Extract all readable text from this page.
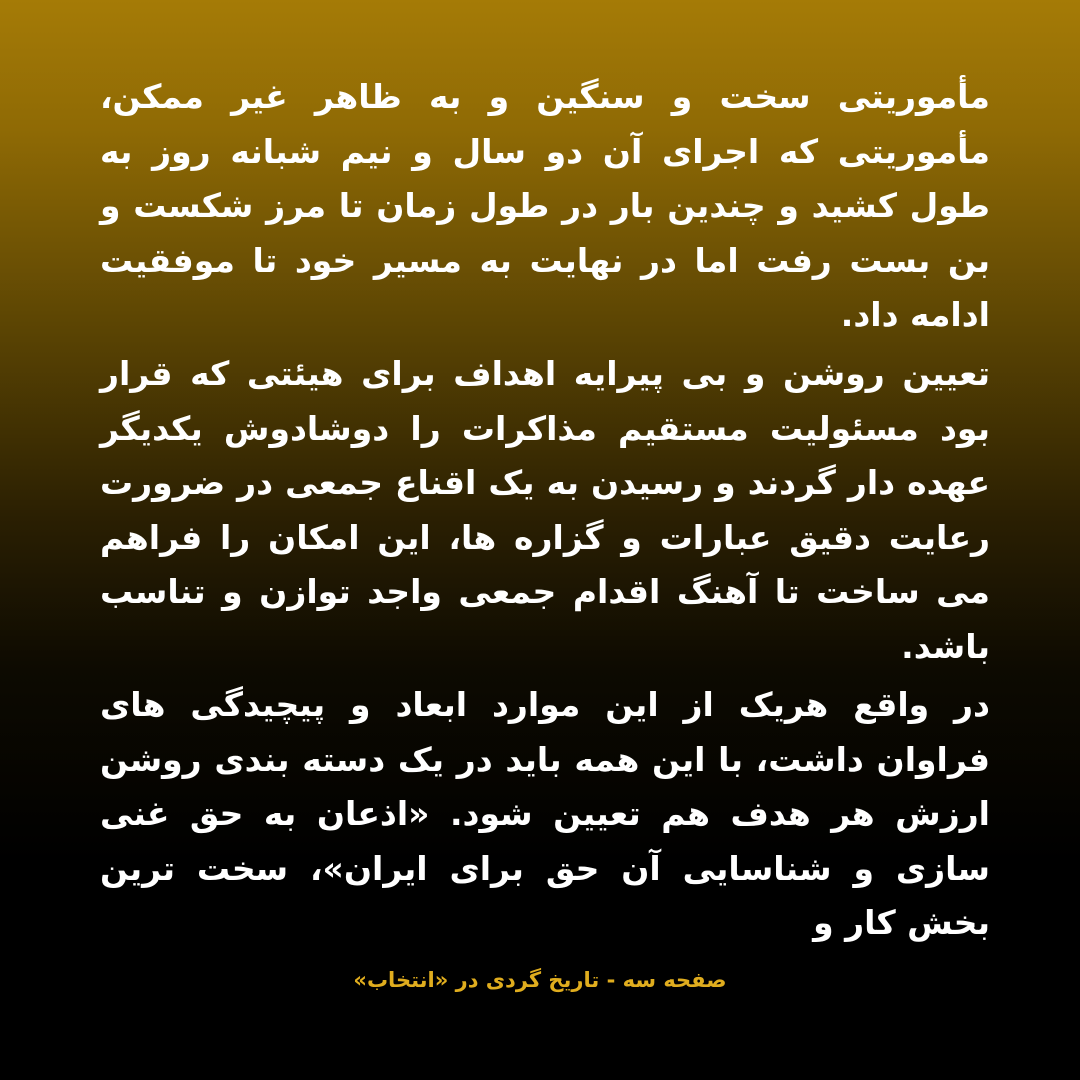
مأموریتی سخت و سنگین و به ظاهر غیر ممکن، مأموریتی که اجرای آن دو سال و نیم شبانه روز به طول کشید و چندین بار در طول زمان تا مرز شکست و بن بست رفت اما در نهایت به مسیر خود تا موفقیت ادامه داد.

تعیین روشن و بی پیرایه اهداف برای هیئتی که قرار بود مسئولیت مستقیم مذاکرات را دوشادوش یکدیگر عهده دار گردند و رسیدن به یک اقناع جمعی در ضرورت رعایت دقیق عبارات و گزاره ها، این امکان را فراهم می ساخت تا آهنگ اقدام جمعی واجد توازن و تناسب باشد.

در واقع هریک از این موارد ابعاد و پیچیدگی های فراوان داشت، با این همه باید در یک دسته بندی روشن ارزش هر هدف هم تعیین شود. «اذعان به حق غنی سازی و شناسایی آن حق برای ایران»، سخت ترین بخش کار و

صفحه سه - تاریخ گردی در «انتخاب»
